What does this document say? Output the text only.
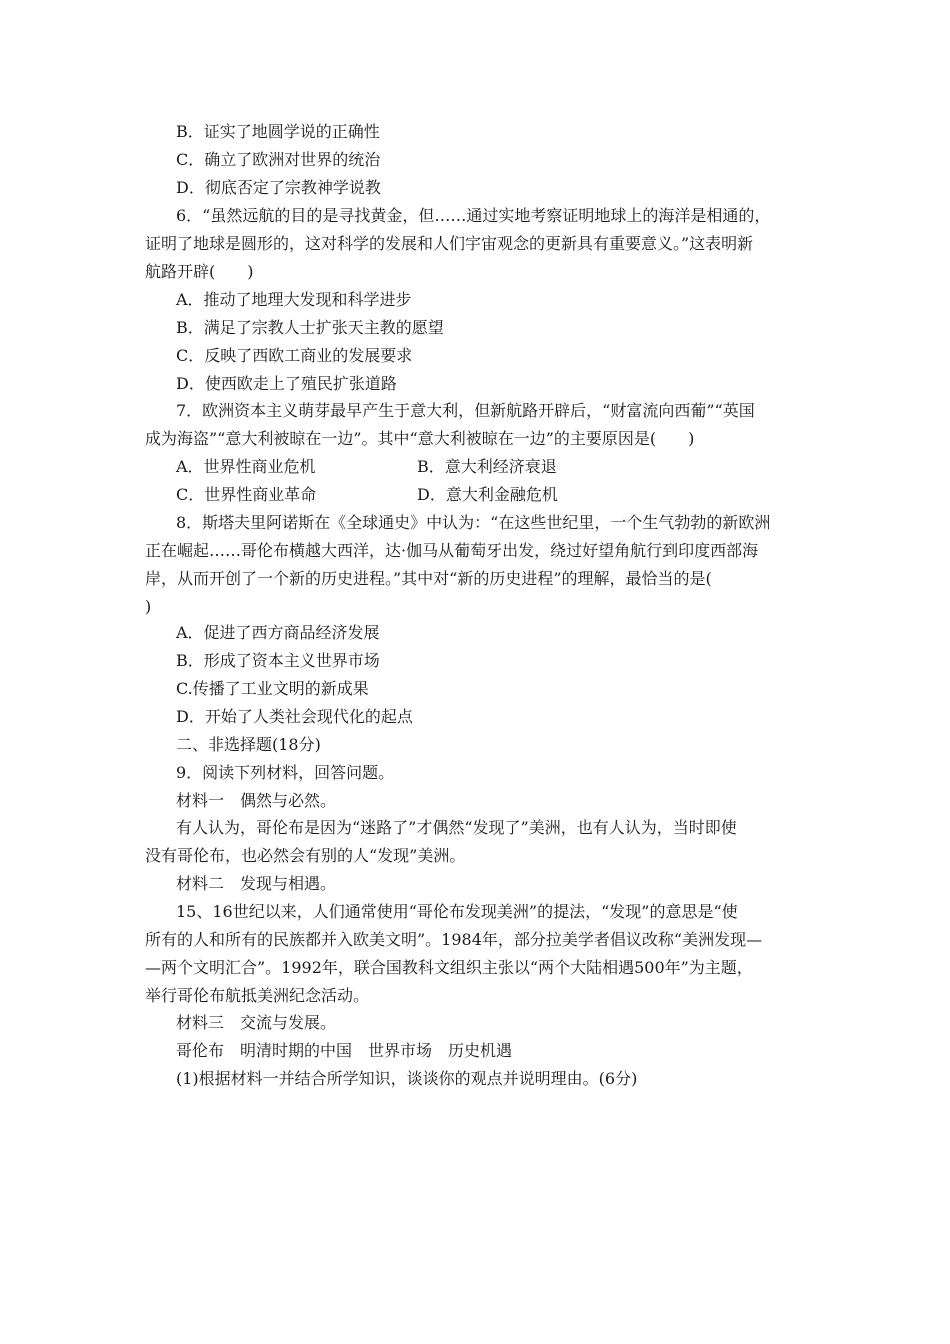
B．证实了地圆学说的正确性
C．确立了欧洲对世界的统治
D．彻底否定了宗教神学说教
6．“虽然远航的目的是寻找黄金，但……通过实地考察证明地球上的海洋是相通的，
证明了地球是圆形的，这对科学的发展和人们宇宙观念的更新具有重要意义。”这表明新
航路开辟(　　)
A．推动了地理大发现和科学进步
B．满足了宗教人士扩张天主教的愿望
C．反映了西欧工商业的发展要求
D．使西欧走上了殖民扩张道路
7．欧洲资本主义萌芽最早产生于意大利，但新航路开辟后，“财富流向西葡”“英国
成为海盗”“意大利被晾在一边”。其中“意大利被晾在一边”的主要原因是(　　)
A．世界性商业危机	B．意大利经济衰退
C．世界性商业革命	D．意大利金融危机
8．斯塔夫里阿诺斯在《全球通史》中认为：“在这些世纪里，一个生气勃勃的新欧洲
正在崛起……哥伦布横越大西洋，达·伽马从葡萄牙出发，绕过好望角航行到印度西部海
岸，从而开创了一个新的历史进程。”其中对“新的历史进程”的理解，最恰当的是(
)
A．促进了西方商品经济发展
B．形成了资本主义世界市场
C.传播了工业文明的新成果
D．开始了人类社会现代化的起点
二、非选择题(18分)
9．阅读下列材料，回答问题。
材料一　偶然与必然。
有人认为，哥伦布是因为“迷路了”才偶然“发现了”美洲，也有人认为，当时即使
没有哥伦布，也必然会有别的人“发现”美洲。
材料二　发现与相遇。
15、16世纪以来，人们通常使用“哥伦布发现美洲”的提法，“发现”的意思是“使
所有的人和所有的民族都并入欧美文明”。1984年，部分拉美学者倡议改称“美洲发现—
—两个文明汇合”。1992年，联合国教科文组织主张以“两个大陆相遇500年”为主题，
举行哥伦布航抵美洲纪念活动。
材料三　交流与发展。
哥伦布　明清时期的中国　世界市场　历史机遇
(1)根据材料一并结合所学知识，谈谈你的观点并说明理由。(6分)
